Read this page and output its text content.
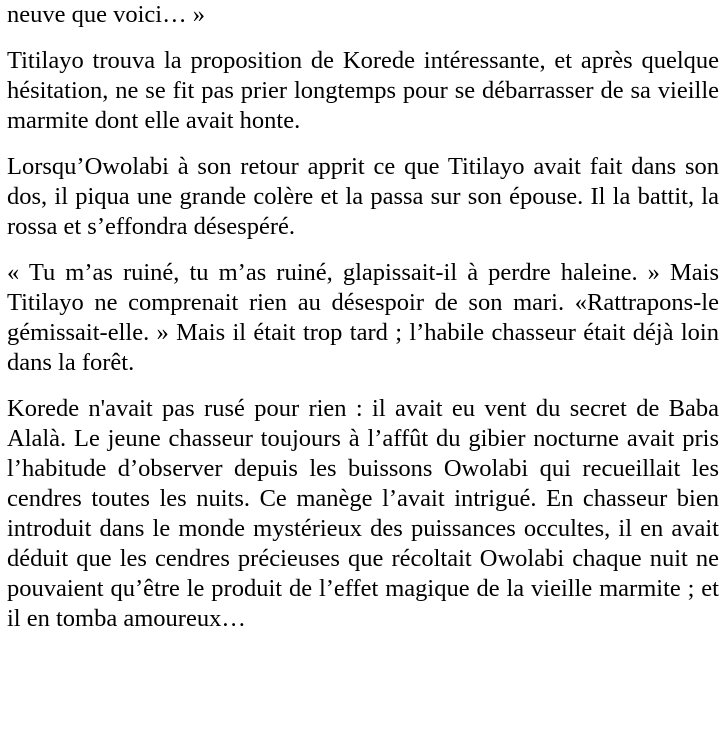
neuve que voici… »

Titilayo trouva la proposition de Korede intéressante, et après quelque hésitation, ne se fit pas prier longtemps pour se débarrasser de sa vieille marmite dont elle avait honte.

Lorsqu’Owolabi à son retour apprit ce que Titilayo avait fait dans son dos, il piqua une grande colère et la passa sur son épouse. Il la battit, la rossa et s’effondra désespéré.

« Tu m’as ruiné, tu m’as ruiné, glapissait-il à perdre haleine. » Mais Titilayo ne comprenait rien au désespoir de son mari. «Rattrapons-le gémissait-elle. » Mais il était trop tard ; l’habile chasseur était déjà loin dans la forêt.

Korede n'avait pas rusé pour rien : il avait eu vent du secret de Baba Alalà. Le jeune chasseur toujours à l’affût du gibier nocturne avait pris l’habitude d’observer depuis les buissons Owolabi qui recueillait les cendres toutes les nuits. Ce manège l’avait intrigué. En chasseur bien introduit dans le monde mystérieux des puissances occultes, il en avait déduit que les cendres précieuses que récoltait Owolabi chaque nuit ne pouvaient qu’être le produit de l’effet magique de la vieille marmite ; et il en tomba amoureux…
